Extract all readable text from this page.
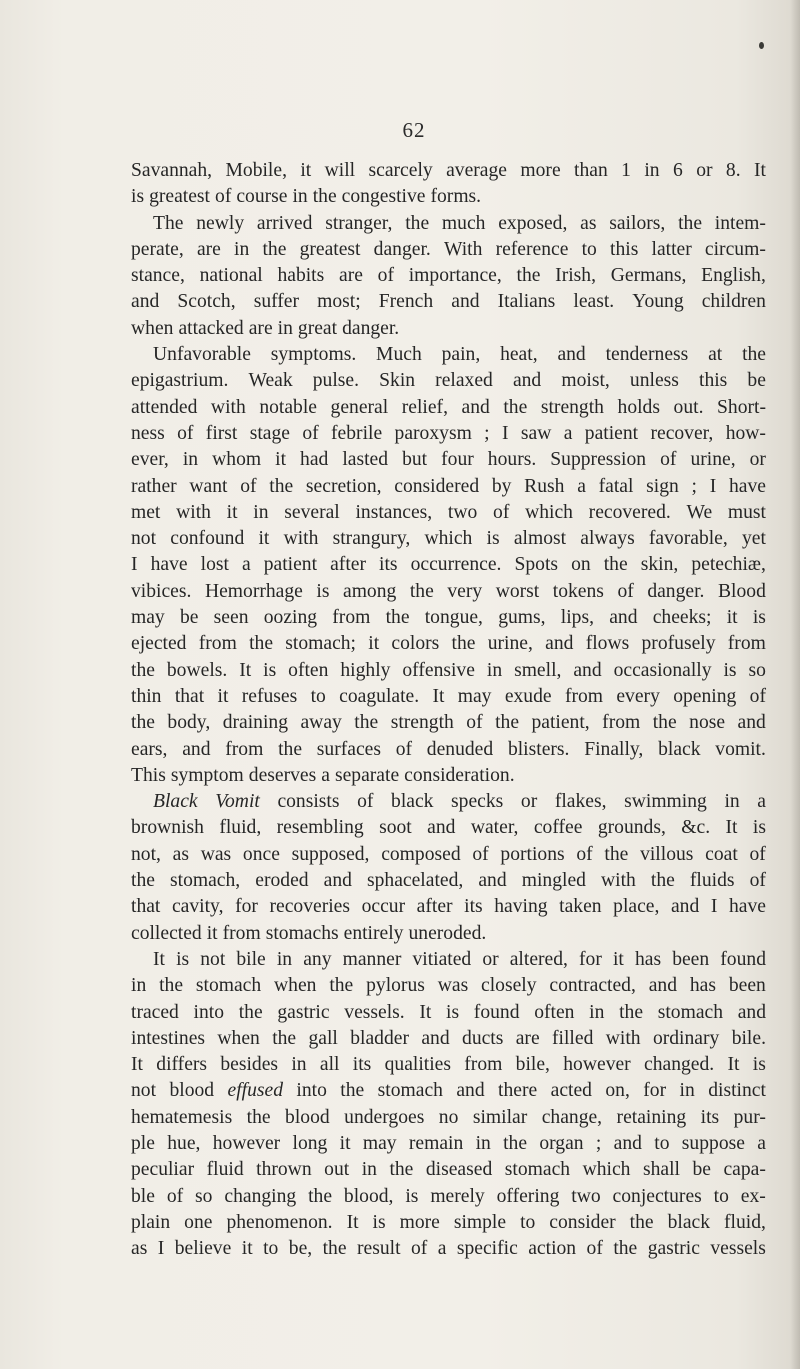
62
Savannah, Mobile, it will scarcely average more than 1 in 6 or 8. It
is greatest of course in the congestive forms.
The newly arrived stranger, the much exposed, as sailors, the intem-
perate, are in the greatest danger. With reference to this latter circum-
stance, national habits are of importance, the Irish, Germans, English,
and Scotch, suffer most; French and Italians least. Young children
when attacked are in great danger.
Unfavorable symptoms. Much pain, heat, and tenderness at the
epigastrium. Weak pulse. Skin relaxed and moist, unless this be
attended with notable general relief, and the strength holds out. Short-
ness of first stage of febrile paroxysm ; I saw a patient recover, how-
ever, in whom it had lasted but four hours. Suppression of urine, or
rather want of the secretion, considered by Rush a fatal sign ; I have
met with it in several instances, two of which recovered. We must
not confound it with strangury, which is almost always favorable, yet
I have lost a patient after its occurrence. Spots on the skin, petechiæ,
vibices. Hemorrhage is among the very worst tokens of danger. Blood
may be seen oozing from the tongue, gums, lips, and cheeks; it is
ejected from the stomach; it colors the urine, and flows profusely from
the bowels. It is often highly offensive in smell, and occasionally is so
thin that it refuses to coagulate. It may exude from every opening of
the body, draining away the strength of the patient, from the nose and
ears, and from the surfaces of denuded blisters. Finally, black vomit.
This symptom deserves a separate consideration.
Black Vomit consists of black specks or flakes, swimming in a
brownish fluid, resembling soot and water, coffee grounds, &c. It is
not, as was once supposed, composed of portions of the villous coat of
the stomach, eroded and sphacelated, and mingled with the fluids of
that cavity, for recoveries occur after its having taken place, and I have
collected it from stomachs entirely uneroded.
It is not bile in any manner vitiated or altered, for it has been found
in the stomach when the pylorus was closely contracted, and has been
traced into the gastric vessels. It is found often in the stomach and
intestines when the gall bladder and ducts are filled with ordinary bile.
It differs besides in all its qualities from bile, however changed. It is
not blood effused into the stomach and there acted on, for in distinct
hematemesis the blood undergoes no similar change, retaining its pur-
ple hue, however long it may remain in the organ ; and to suppose a
peculiar fluid thrown out in the diseased stomach which shall be capa-
ble of so changing the blood, is merely offering two conjectures to ex-
plain one phenomenon. It is more simple to consider the black fluid,
as I believe it to be, the result of a specific action of the gastric vessels
